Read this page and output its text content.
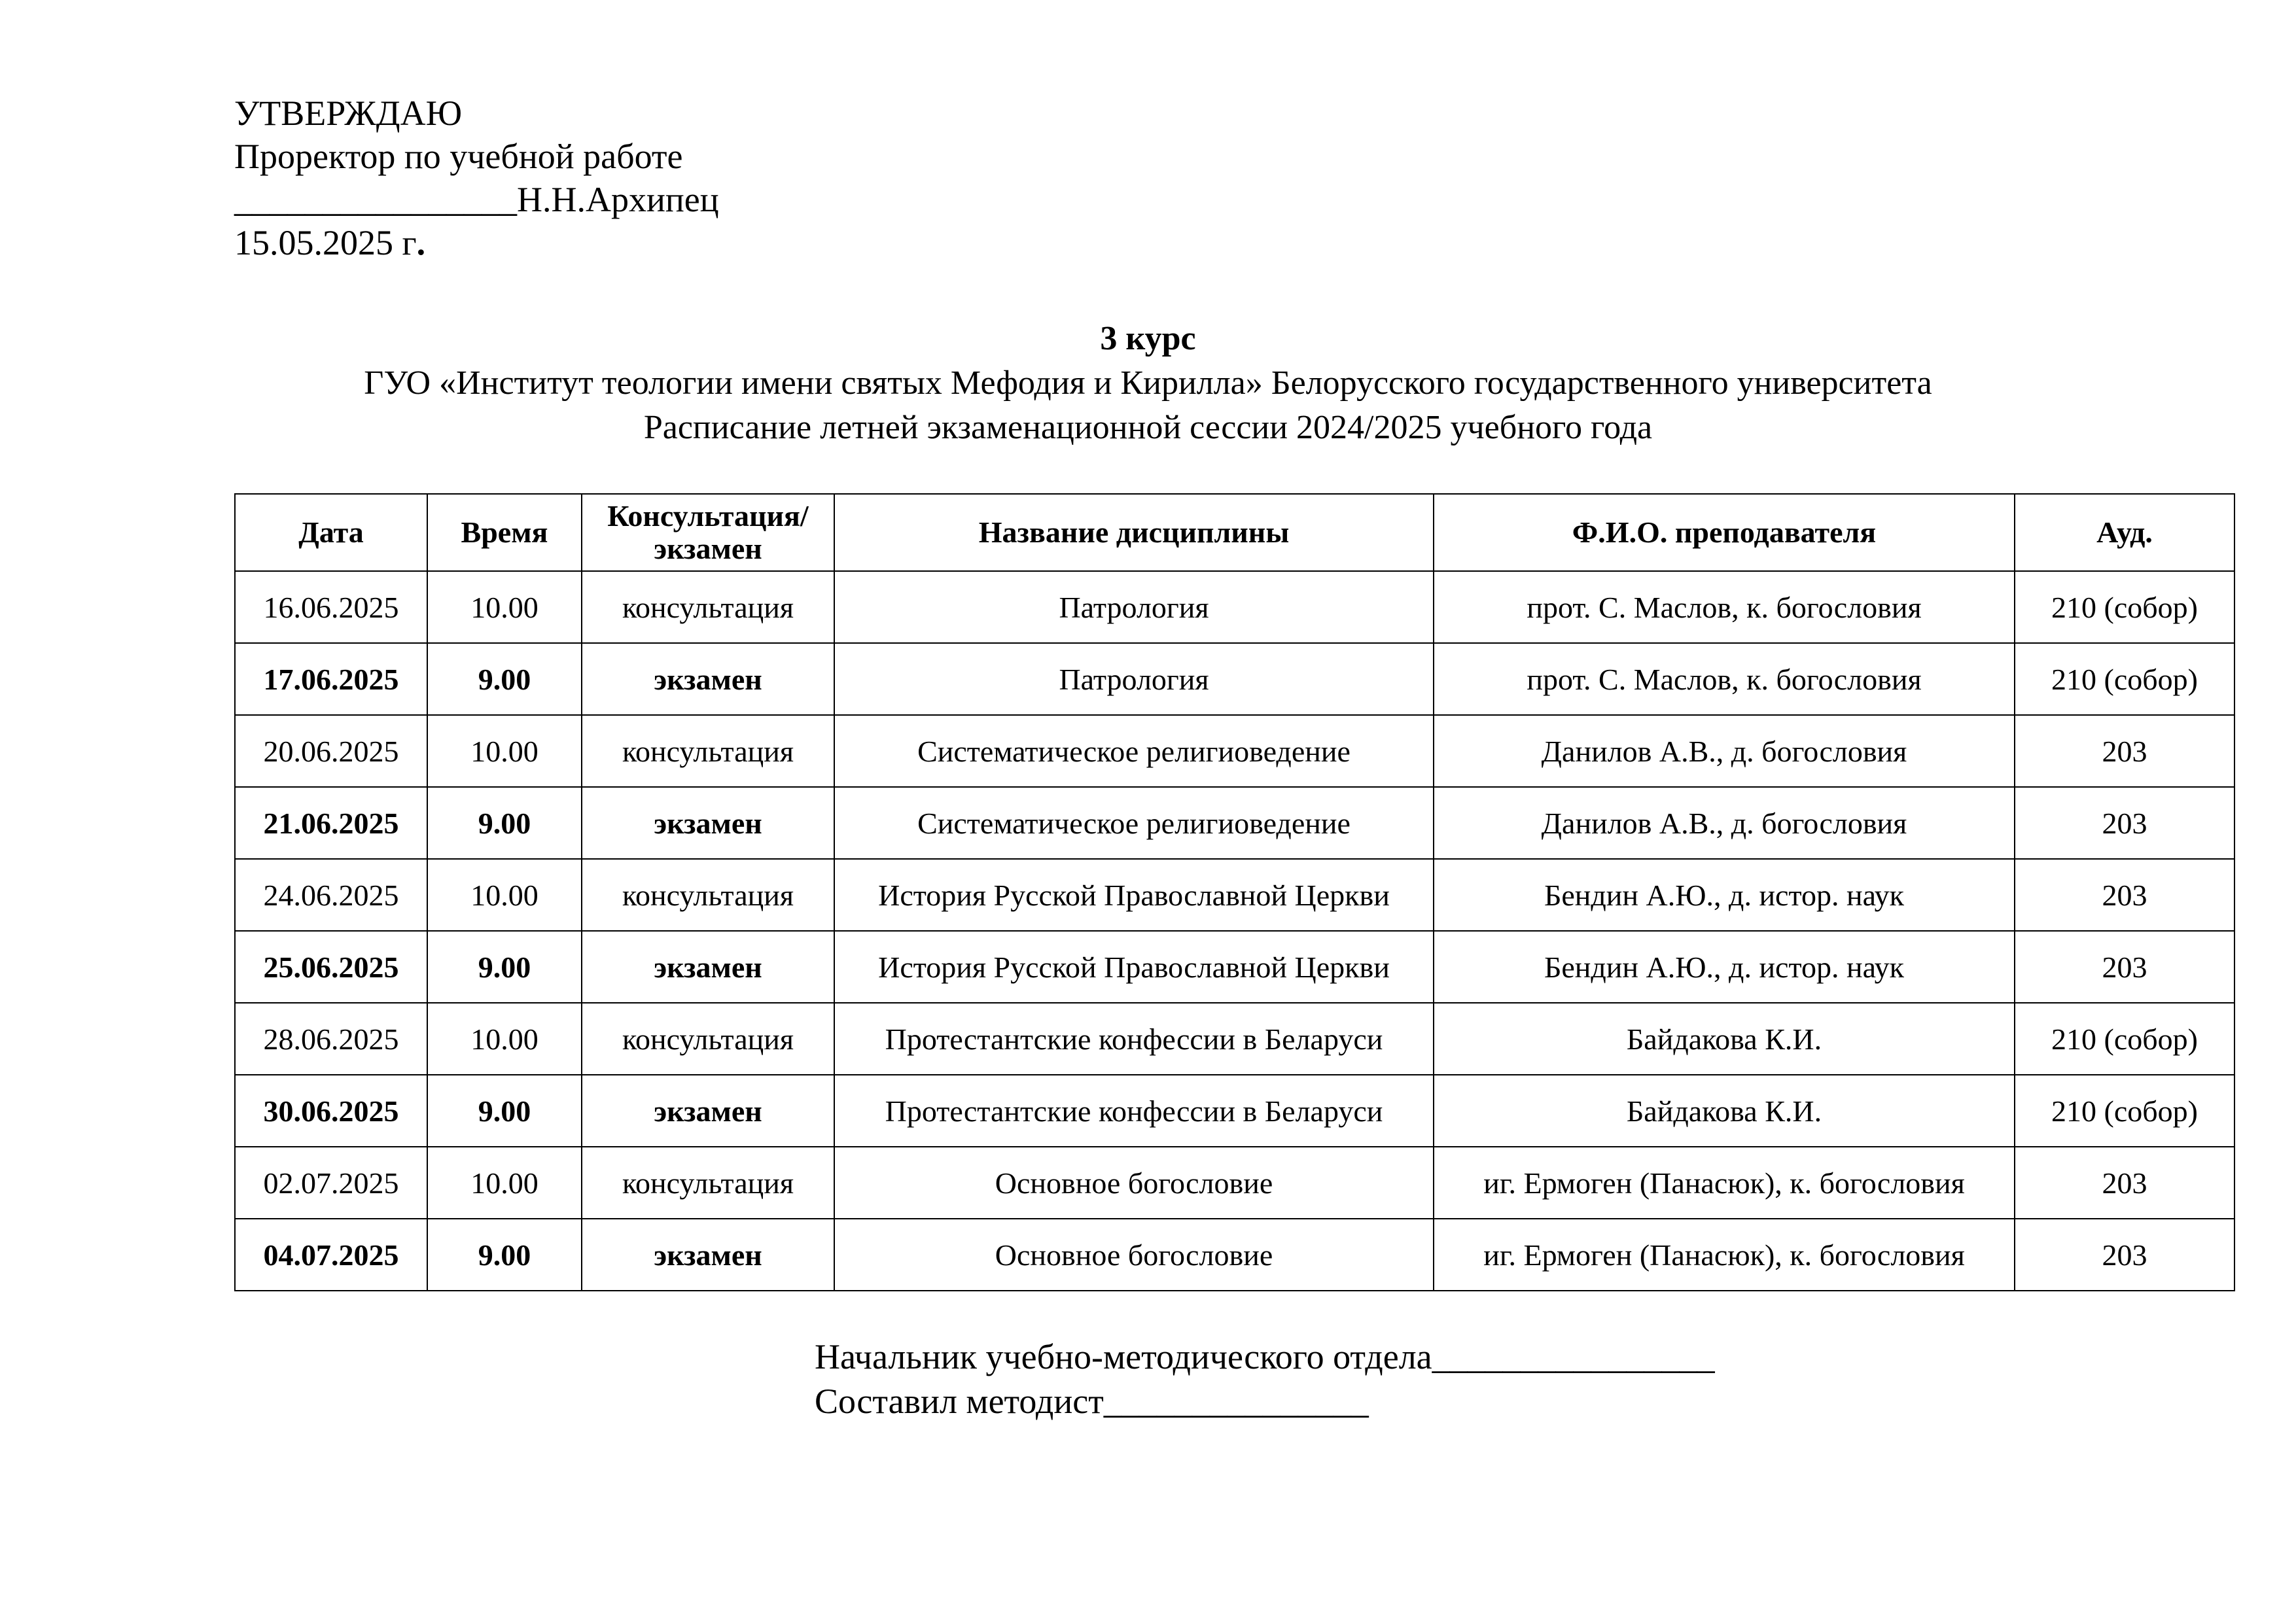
УТВЕРЖДАЮ
Проректор по учебной работе
________________Н.Н.Архипец
15.05.2025 г.
3 курс
ГУО «Институт теологии имени святых Мефодия и Кирилла» Белорусского государственного университета
Расписание летней экзаменационной сессии 2024/2025 учебного года
Дата	Время	Консультация/ экзамен	Название дисциплины	Ф.И.О. преподавателя	Ауд.
16.06.2025	10.00	консультация	Патрология	прот. С. Маслов, к. богословия	210 (собор)
17.06.2025	9.00	экзамен	Патрология	прот. С. Маслов, к. богословия	210 (собор)
20.06.2025	10.00	консультация	Систематическое религиоведение	Данилов А.В., д. богословия	203
21.06.2025	9.00	экзамен	Систематическое религиоведение	Данилов А.В., д. богословия	203
24.06.2025	10.00	консультация	История Русской Православной Церкви	Бендин А.Ю., д. истор. наук	203
25.06.2025	9.00	экзамен	История Русской Православной Церкви	Бендин А.Ю., д. истор. наук	203
28.06.2025	10.00	консультация	Протестантские конфессии в Беларуси	Байдакова К.И.	210 (собор)
30.06.2025	9.00	экзамен	Протестантские конфессии в Беларуси	Байдакова К.И.	210 (собор)
02.07.2025	10.00	консультация	Основное богословие	иг. Ермоген (Панасюк), к. богословия	203
04.07.2025	9.00	экзамен	Основное богословие	иг. Ермоген (Панасюк), к. богословия	203
Начальник учебно-методического отдела________________
Составил методист_______________
